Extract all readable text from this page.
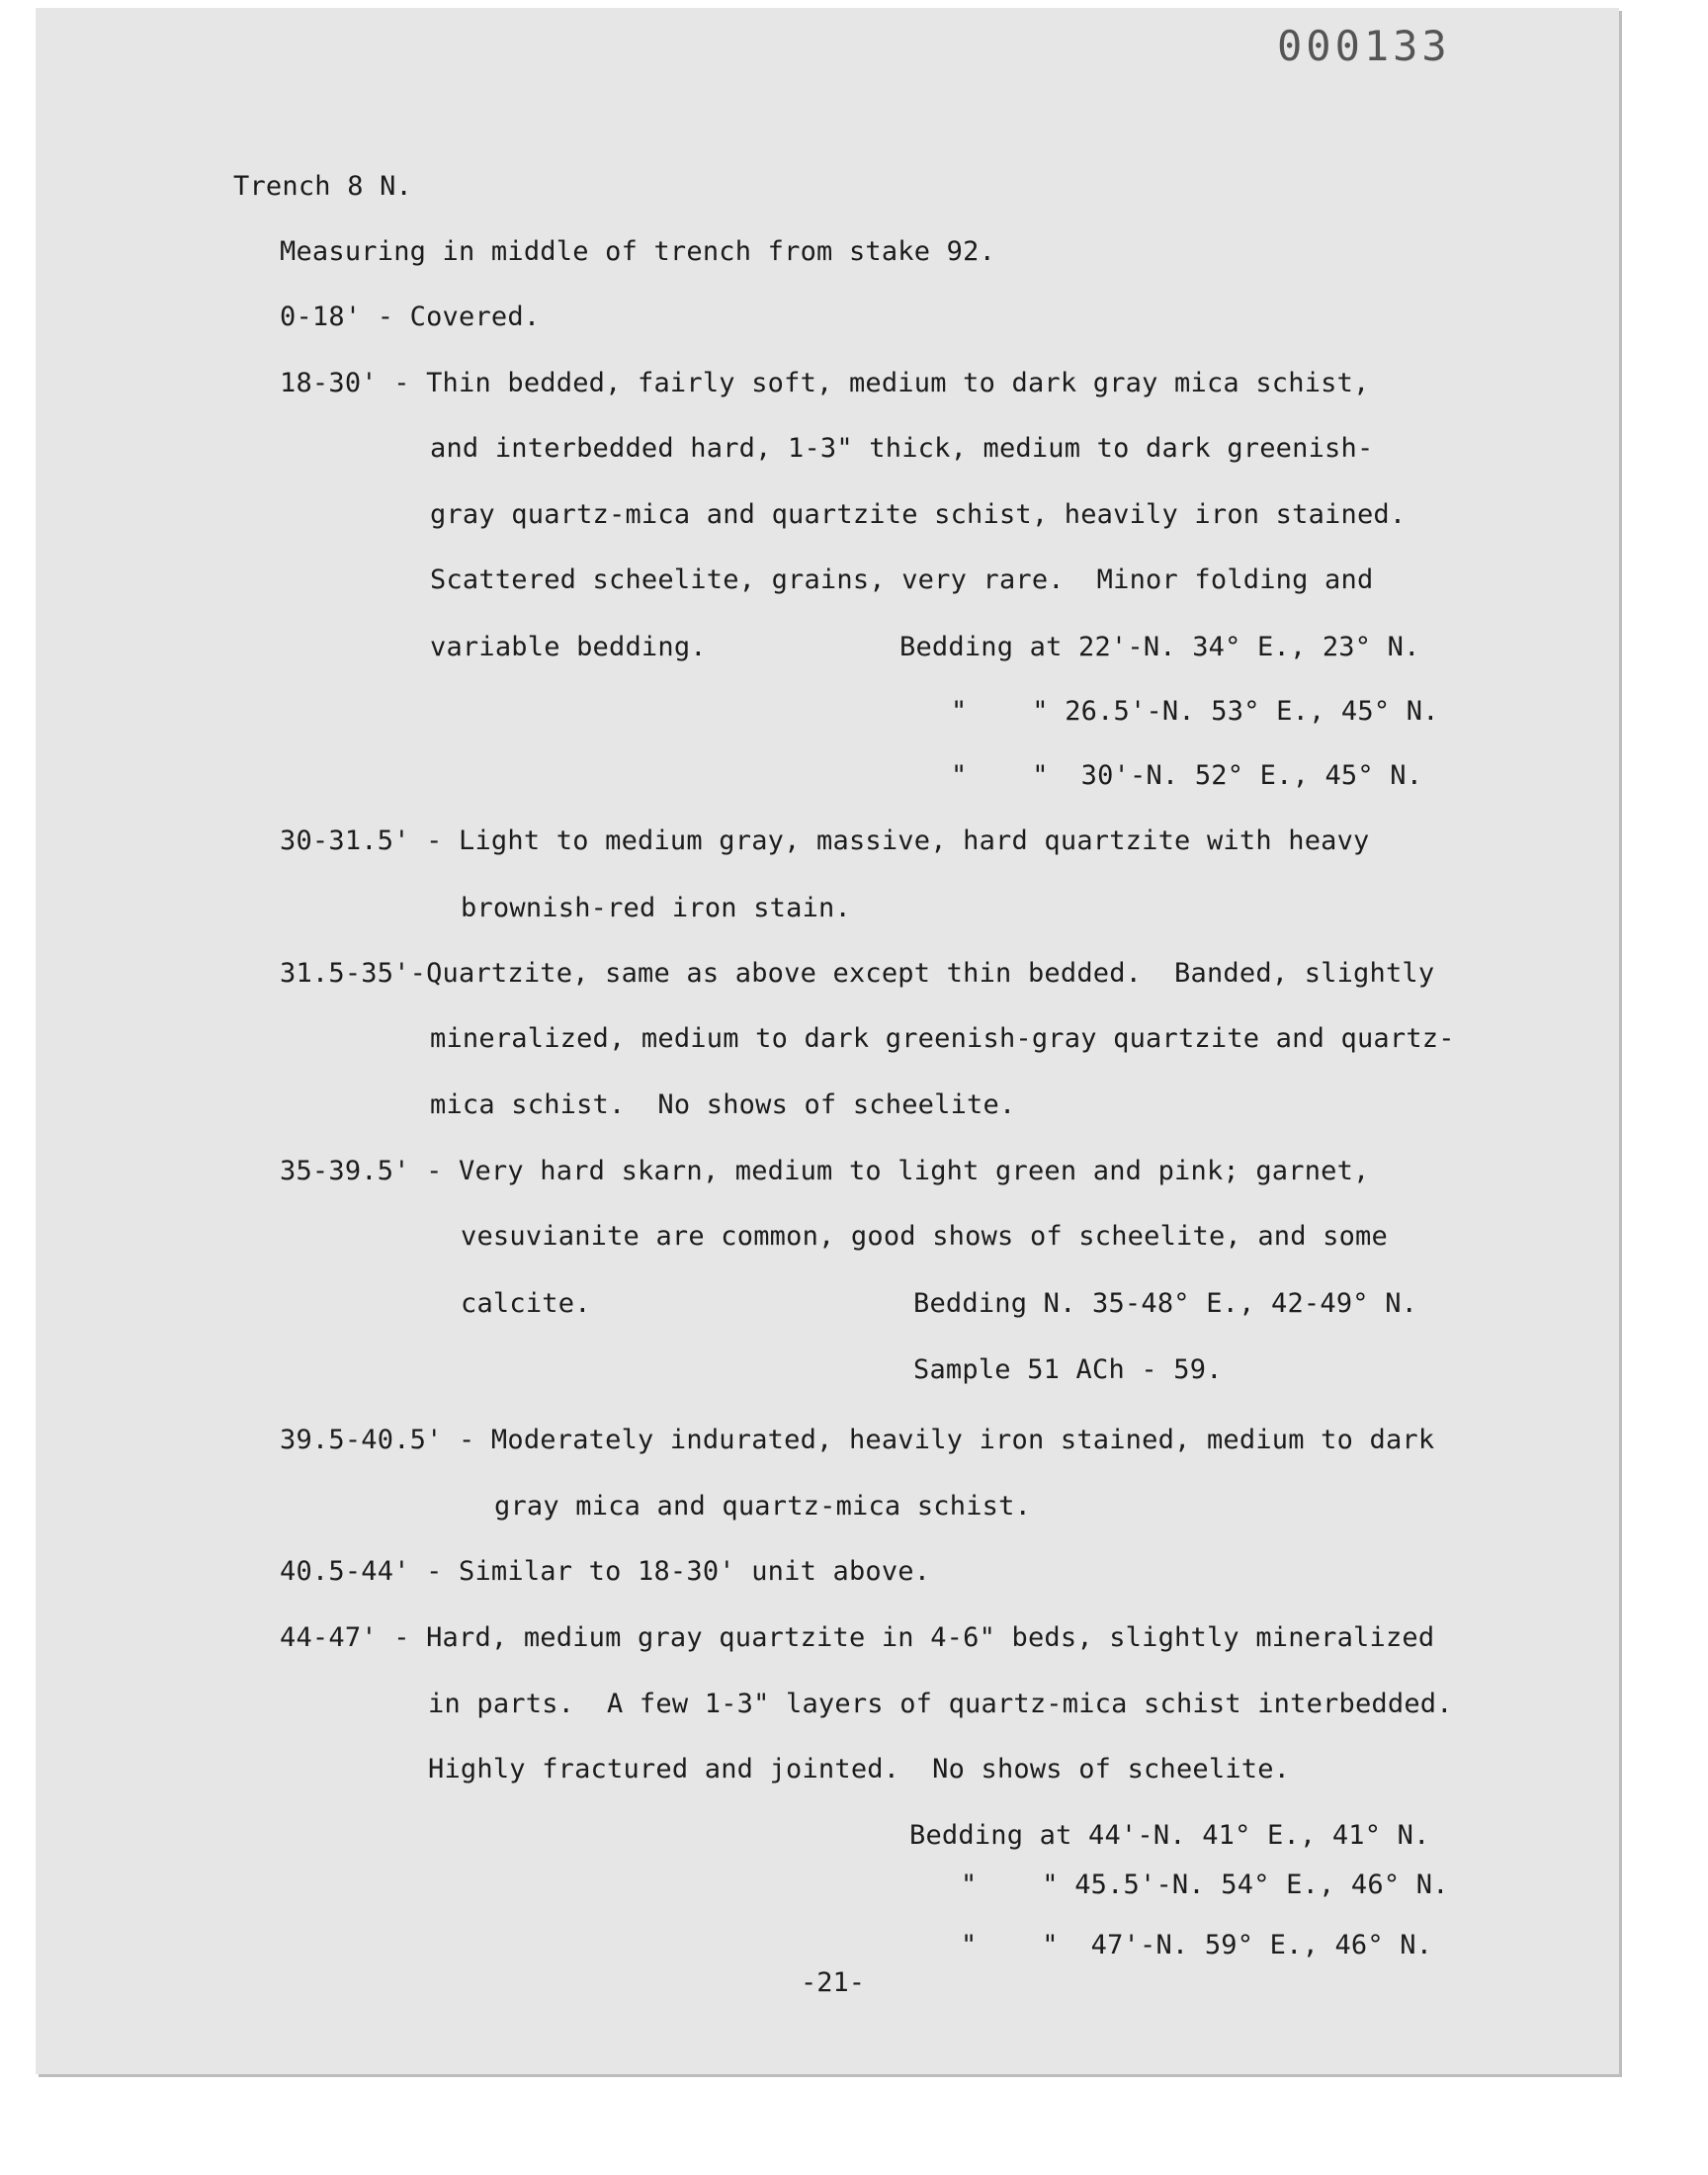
000133
Trench 8 N.
Measuring in middle of trench from stake 92.
0-18' - Covered.
18-30' - Thin bedded, fairly soft, medium to dark gray mica schist,
and interbedded hard, 1-3" thick, medium to dark greenish-
gray quartz-mica and quartzite schist, heavily iron stained.
Scattered scheelite, grains, very rare.  Minor folding and
variable bedding.	Bedding at 22'-N. 34° E., 23° N.
"    " 26.5'-N. 53° E., 45° N.
"    "  30'-N. 52° E., 45° N.
30-31.5' - Light to medium gray, massive, hard quartzite with heavy
brownish-red iron stain.
31.5-35'-Quartzite, same as above except thin bedded.  Banded, slightly
mineralized, medium to dark greenish-gray quartzite and quartz-
mica schist.  No shows of scheelite.
35-39.5' - Very hard skarn, medium to light green and pink; garnet,
vesuvianite are common, good shows of scheelite, and some
calcite.	Bedding N. 35-48° E., 42-49° N.
Sample 51 ACh - 59.
39.5-40.5' - Moderately indurated, heavily iron stained, medium to dark
gray mica and quartz-mica schist.
40.5-44' - Similar to 18-30' unit above.
44-47' - Hard, medium gray quartzite in 4-6" beds, slightly mineralized
in parts.  A few 1-3" layers of quartz-mica schist interbedded.
Highly fractured and jointed.  No shows of scheelite.
Bedding at 44'-N. 41° E., 41° N.
"    " 45.5'-N. 54° E., 46° N.
"    "  47'-N. 59° E., 46° N.
-21-
